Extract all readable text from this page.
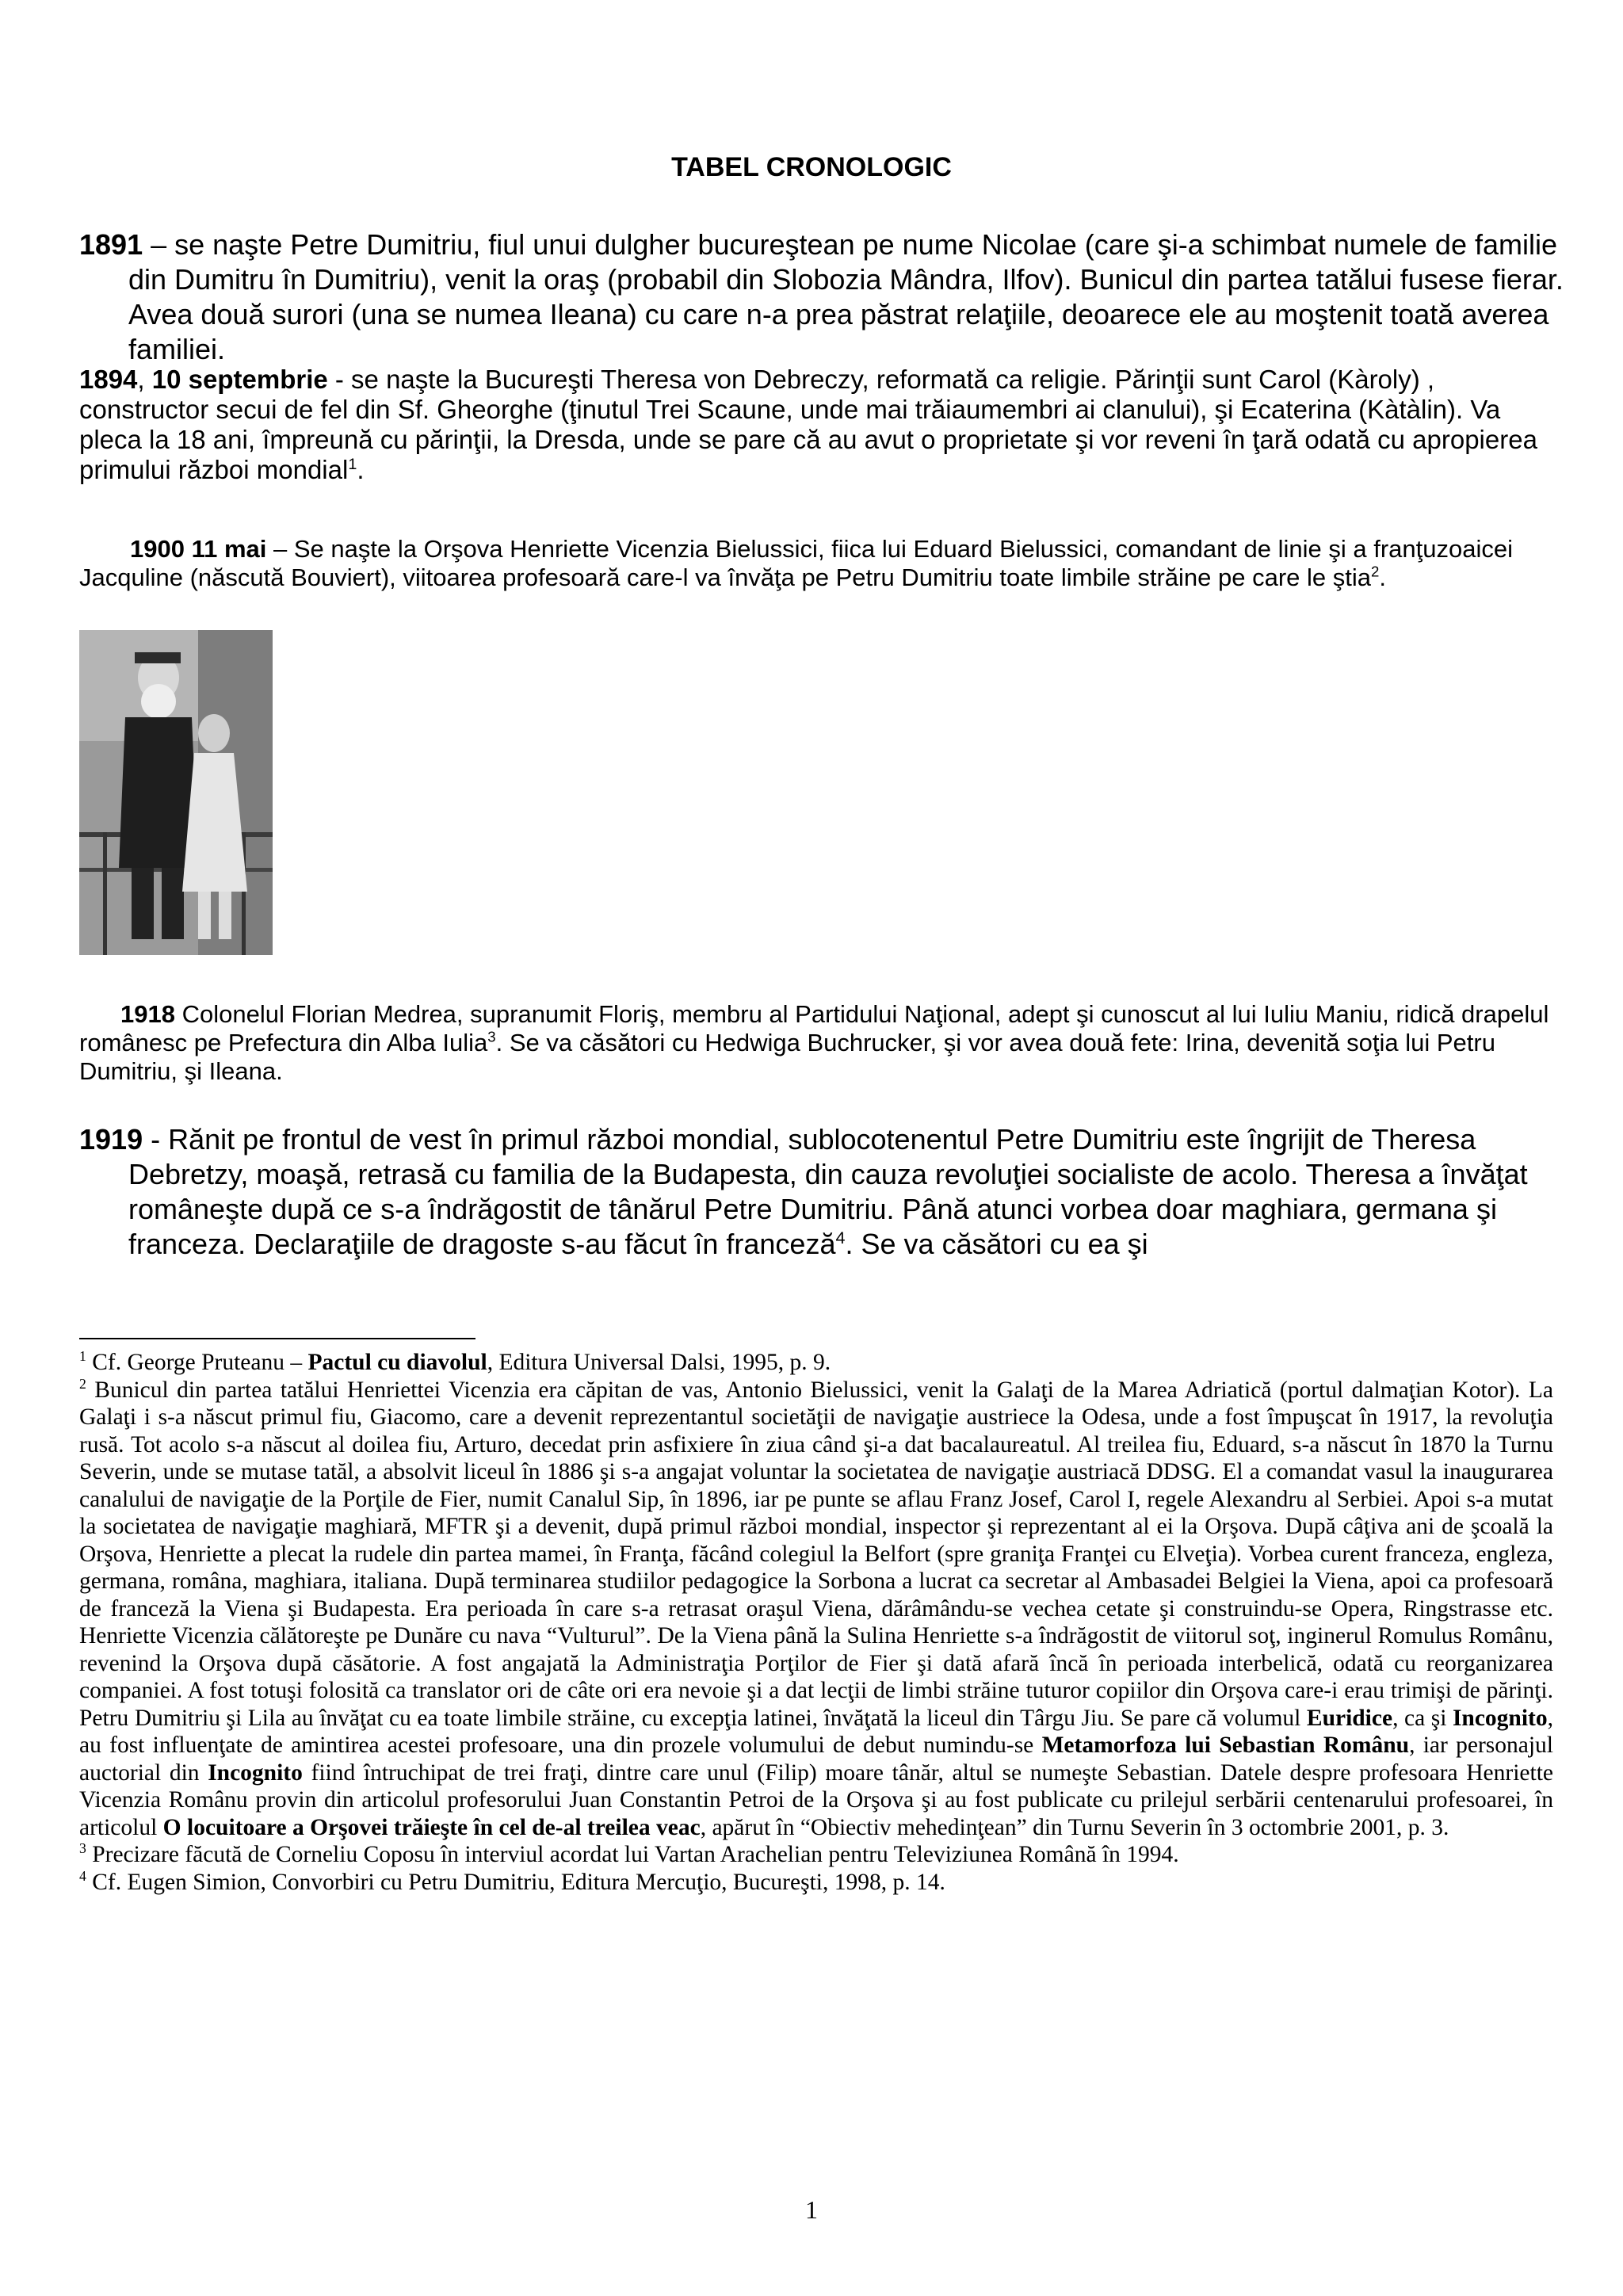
TABEL CRONOLOGIC
1891 – se naşte Petre Dumitriu, fiul unui dulgher bucureştean pe nume Nicolae (care şi-a schimbat numele de familie din Dumitru în Dumitriu), venit la oraş (probabil din Slobozia Mândra, Ilfov). Bunicul din partea tatălui fusese fierar. Avea două surori (una se numea Ileana) cu care n-a prea păstrat relaţiile, deoarece ele au moştenit toată averea familiei.
1894, 10 septembrie - se naşte la Bucureşti Theresa von Debreczy, reformată ca religie. Părinţii sunt Carol (Kàroly) , constructor secui de fel din Sf. Gheorghe (ţinutul Trei Scaune, unde mai trăiaumembri ai clanului), şi Ecaterina (Kàtàlin). Va pleca la 18 ani, împreună cu părinţii, la Dresda, unde se pare că au avut o proprietate şi vor reveni în ţară odată cu apropierea primului război mondial$^1$.
1900 11 mai – Se naşte la Orşova Henriette Vicenzia Bielussici, fiica lui Eduard Bielussici, comandant de linie şi a franţuzoaicei Jacquline (născută Bouviert), viitoarea profesoară care-l va învăţa pe Petru Dumitriu toate limbile străine pe care le ştia$^2$.
1918 Colonelul Florian Medrea, supranumit Floriş, membru al Partidului Naţional, adept şi cunoscut al lui Iuliu Maniu, ridică drapelul românesc pe Prefectura din Alba Iulia$^3$. Se va căsători cu Hedwiga Buchrucker, şi vor avea două fete: Irina, devenită soţia lui Petru Dumitriu, şi Ileana.
1919 - Rănit pe frontul de vest în primul război mondial, sublocotenentul Petre Dumitriu este îngrijit de Theresa Debretzy, moaşă, retrasă cu familia de la Budapesta, din cauza revoluţiei socialiste de acolo. Theresa a învăţat româneşte după ce s-a îndrăgostit de tânărul Petre Dumitriu. Până atunci vorbea doar maghiara, germana şi franceza. Declaraţiile de dragoste s-au făcut în franceză$^4$. Se va căsători cu ea şi

$^1$ Cf. George Pruteanu – Pactul cu diavolul, Editura Universal Dalsi, 1995, p. 9.

$^2$ Bunicul din partea tatălui Henriettei Vicenzia era căpitan de vas, Antonio Bielussici, venit la Galaţi de la Marea Adriatică (portul dalmaţian Kotor). La Galaţi i s-a născut primul fiu, Giacomo, care a devenit reprezentantul societăţii de navigaţie austriece la Odesa, unde a fost împuşcat în 1917, la revoluţia rusă. Tot acolo s-a născut al doilea fiu, Arturo, decedat prin asfixiere în ziua când şi-a dat bacalaureatul. Al treilea fiu, Eduard, s-a născut în 1870 la Turnu Severin, unde se mutase tatăl, a absolvit liceul în 1886 şi s-a angajat voluntar la societatea de navigaţie austriacă DDSG. El a comandat vasul la inaugurarea canalului de navigaţie de la Porţile de Fier, numit Canalul Sip, în 1896, iar pe punte se aflau Franz Josef, Carol I, regele Alexandru al Serbiei. Apoi s-a mutat la societatea de navigaţie maghiară, MFTR şi a devenit, după primul război mondial, inspector şi reprezentant al ei la Orşova. După câţiva ani de şcoală la Orşova, Henriette a plecat la rudele din partea mamei, în Franţa, făcând colegiul la Belfort (spre graniţa Franţei cu Elveţia). Vorbea curent franceza, engleza, germana, româna, maghiara, italiana. După terminarea studiilor pedagogice la Sorbona a lucrat ca secretar al Ambasadei Belgiei la Viena, apoi ca profesoară de franceză la Viena şi Budapesta. Era perioada în care s-a retrasat oraşul Viena, dărâmându-se vechea cetate şi construindu-se Opera, Ringstrasse etc. Henriette Vicenzia călătoreşte pe Dunăre cu nava “Vulturul”. De la Viena până la Sulina Henriette s-a îndrăgostit de viitorul soţ, inginerul Romulus Românu, revenind la Orşova după căsătorie. A fost angajată la Administraţia Porţilor de Fier şi dată afară încă în perioada interbelică, odată cu reorganizarea companiei. A fost totuşi folosită ca translator ori de câte ori era nevoie şi a dat lecţii de limbi străine tuturor copiilor din Orşova care-i erau trimişi de părinţi. Petru Dumitriu şi Lila au învăţat cu ea toate limbile străine, cu excepţia latinei, învăţată la liceul din Târgu Jiu. Se pare că volumul Euridice, ca şi Incognito, au fost influenţate de amintirea acestei profesoare, una din prozele volumului de debut numindu-se Metamorfoza lui Sebastian Românu, iar personajul auctorial din Incognito fiind întruchipat de trei fraţi, dintre care unul (Filip) moare tânăr, altul se numeşte Sebastian. Datele despre profesoara Henriette Vicenzia Românu provin din articolul profesorului Juan Constantin Petroi de la Orşova şi au fost publicate cu prilejul serbării centenarului profesoarei, în articolul O locuitoare a Orşovei trăieşte în cel de-al treilea veac, apărut în “Obiectiv mehedinţean” din Turnu Severin în 3 octombrie 2001, p. 3.

$^3$ Precizare făcută de Corneliu Coposu în interviul acordat lui Vartan Arachelian pentru Televiziunea Română în 1994.

$^4$ Cf. Eugen Simion, Convorbiri cu Petru Dumitriu, Editura Mercuţio, Bucureşti, 1998, p. 14.

1
